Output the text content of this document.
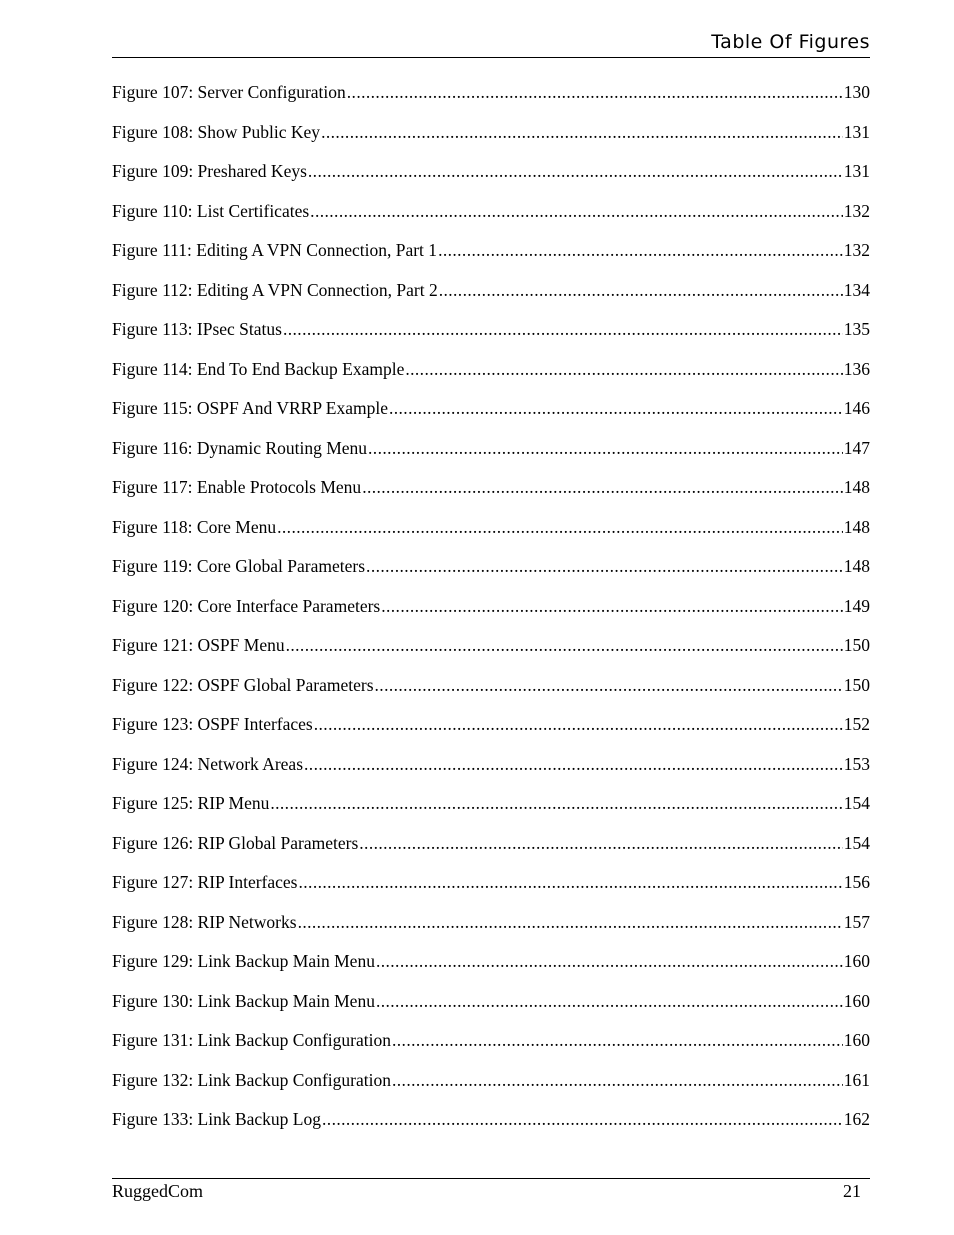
Table Of Figures
Figure 107: Server Configuration .....	130
Figure 108: Show Public Key .....	131
Figure 109: Preshared Keys .....	131
Figure 110: List Certificates .....	132
Figure 111: Editing A VPN Connection, Part 1 .....	132
Figure 112: Editing A VPN Connection, Part 2 .....	134
Figure 113: IPsec Status .....	135
Figure 114: End To End Backup Example .....	136
Figure 115: OSPF And VRRP Example .....	146
Figure 116: Dynamic Routing Menu .....	147
Figure 117: Enable Protocols Menu .....	148
Figure 118: Core Menu .....	148
Figure 119: Core Global Parameters .....	148
Figure 120: Core Interface Parameters .....	149
Figure 121: OSPF Menu .....	150
Figure 122: OSPF Global Parameters .....	150
Figure 123: OSPF Interfaces .....	152
Figure 124: Network Areas .....	153
Figure 125: RIP Menu .....	154
Figure 126: RIP Global Parameters .....	154
Figure 127: RIP Interfaces .....	156
Figure 128: RIP Networks .....	157
Figure 129: Link Backup Main Menu .....	160
Figure 130: Link Backup Main Menu .....	160
Figure 131: Link Backup Configuration .....	160
Figure 132: Link Backup Configuration .....	161
Figure 133: Link Backup Log .....	162
RuggedCom	21
